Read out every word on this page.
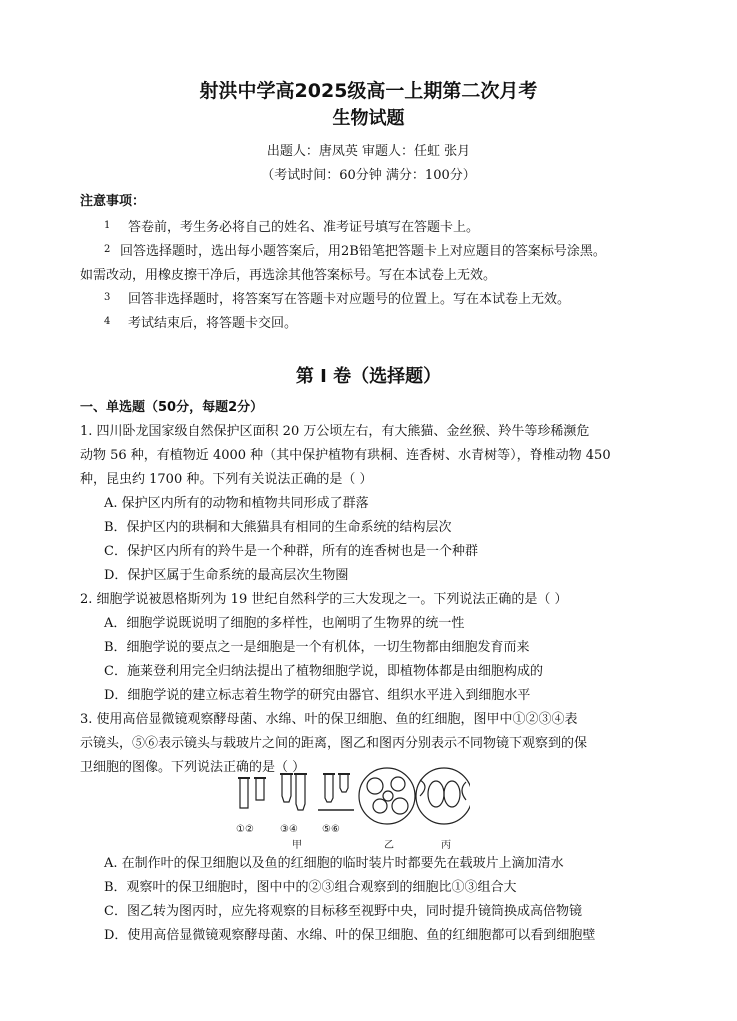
射洪中学高2025级高一上期第二次月考
生物试题
出题人：唐凤英 审题人：任虹 张月
（考试时间：60分钟 满分：100分）
注意事项：
1 答卷前，考生务必将自己的姓名、准考证号填写在答题卡上。
2 回答选择题时，选出每小题答案后，用2B铅笔把答题卡上对应题目的答案标号涂黑。
如需改动，用橡皮擦干净后，再选涂其他答案标号。写在本试卷上无效。
3 回答非选择题时，将答案写在答题卡对应题号的位置上。写在本试卷上无效。
4 考试结束后，将答题卡交回。
第 I 卷（选择题）
一、单选题（50分，每题2分）
1. 四川卧龙国家级自然保护区面积 20 万公顷左右，有大熊猫、金丝猴、羚牛等珍稀濒危
动物 56 种，有植物近 4000 种（其中保护植物有珙桐、连香树、水青树等），脊椎动物 450
种，昆虫约 1700 种。下列有关说法正确的是（ ）
A. 保护区内所有的动物和植物共同形成了群落
B．保护区内的珙桐和大熊猫具有相同的生命系统的结构层次
C．保护区内所有的羚牛是一个种群，所有的连香树也是一个种群
D．保护区属于生命系统的最高层次生物圈
2. 细胞学说被恩格斯列为 19 世纪自然科学的三大发现之一。下列说法正确的是（ ）
A．细胞学说既说明了细胞的多样性，也阐明了生物界的统一性
B．细胞学说的要点之一是细胞是一个有机体，一切生物都由细胞发育而来
C．施莱登利用完全归纳法提出了植物细胞学说，即植物体都是由细胞构成的
D．细胞学说的建立标志着生物学的研究由器官、组织水平进入到细胞水平
3. 使用高倍显微镜观察酵母菌、水绵、叶的保卫细胞、鱼的红细胞，图甲中①②③④表
示镜头，⑤⑥表示镜头与载玻片之间的距离，图乙和图丙分别表示不同物镜下观察到的保
卫细胞的图像。下列说法正确的是（ ）
①②	③④ ⑤⑥
甲	乙	丙
A. 在制作叶的保卫细胞以及鱼的红细胞的临时装片时都要先在载玻片上滴加清水
B．观察叶的保卫细胞时，图中中的②③组合观察到的细胞比①③组合大
C．图乙转为图丙时，应先将观察的目标移至视野中央，同时提升镜筒换成高倍物镜
D．使用高倍显微镜观察酵母菌、水绵、叶的保卫细胞、鱼的红细胞都可以看到细胞壁
